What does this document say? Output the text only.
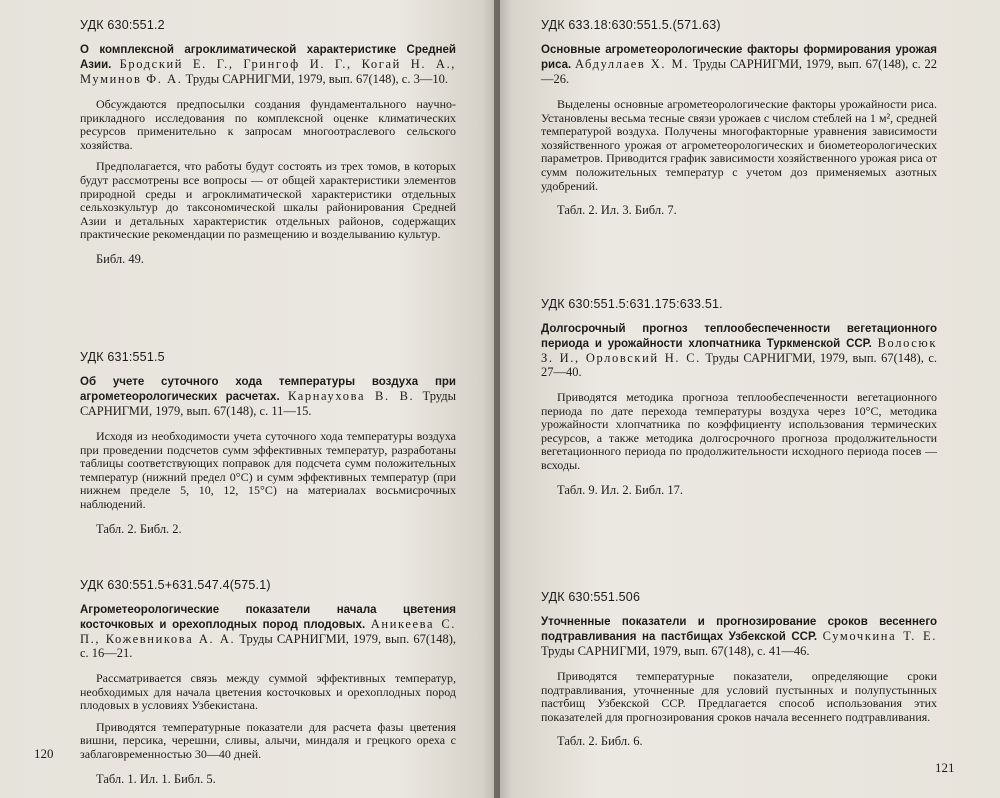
УДК 630:551.2

О комплексной агроклиматической характеристике Средней Азии. Бродский Е. Г., Грингоф И. Г., Когай Н. А., Муминов Ф. А. Труды САРНИГМИ, 1979, вып. 67(148), с. 3—10.

Обсуждаются предпосылки создания фундаментального научно-прикладного исследования по комплексной оценке климатических ресурсов применительно к запросам многоотраслевого сельского хозяйства.

Предполагается, что работы будут состоять из трех томов, в которых будут рассмотрены все вопросы — от общей характеристики элементов природной среды и агроклиматической характеристики отдельных сельхозкультур до таксономической шкалы районирования Средней Азии и детальных характеристик отдельных районов, содержащих практические рекомендации по размещению и возделыванию культур.

Библ. 49.
УДК 631:551.5

Об учете суточного хода температуры воздуха при агрометеорологических расчетах. Карнаухова В. В. Труды САРНИГМИ, 1979, вып. 67(148), с. 11—15.

Исходя из необходимости учета суточного хода температуры воздуха при проведении подсчетов сумм эффективных температур, разработаны таблицы соответствующих поправок для подсчета сумм положительных температур (нижний предел 0°С) и сумм эффективных температур (при нижнем пределе 5, 10, 12, 15°С) на материалах восьмисрочных наблюдений.

Табл. 2. Библ. 2.
УДК 630:551.5+631.547.4(575.1)

Агрометеорологические показатели начала цветения косточковых и орехоплодных пород плодовых. Аникеева С. П., Кожевникова А. А. Труды САРНИГМИ, 1979, вып. 67(148), с. 16—21.

Рассматривается связь между суммой эффективных температур, необходимых для начала цветения косточковых и орехоплодных пород плодовых в условиях Узбекистана.

Приводятся температурные показатели для расчета фазы цветения вишни, персика, черешни, сливы, алычи, миндаля и грецкого ореха с заблаговременностью 30—40 дней.

Табл. 1. Ил. 1. Библ. 5.
120
УДК 633.18:630:551.5.(571.63)

Основные агрометеорологические факторы формирования урожая риса. Абдуллаев Х. М. Труды САРНИГМИ, 1979, вып. 67(148), с. 22—26.

Выделены основные агрометеорологические факторы урожайности риса. Установлены весьма тесные связи урожаев с числом стеблей на 1 м², средней температурой воздуха. Получены многофакторные уравнения зависимости хозяйственного урожая от агрометеорологических и биометеорологических параметров. Приводится график зависимости хозяйственного урожая риса от сумм положительных температур с учетом доз применяемых азотных удобрений.

Табл. 2. Ил. 3. Библ. 7.
УДК 630:551.5:631.175:633.51.

Долгосрочный прогноз теплообеспеченности вегетационного периода и урожайности хлопчатника Туркменской ССР. Волосюк З. И., Орловский Н. С. Труды САРНИГМИ, 1979, вып. 67(148), с. 27—40.

Приводятся методика прогноза теплообеспеченности вегетационного периода по дате перехода температуры воздуха через 10°С, методика урожайности хлопчатника по коэффициенту использования термических ресурсов, а также методика долгосрочного прогноза продолжительности вегетационного периода по продолжительности исходного периода посев — всходы.

Табл. 9. Ил. 2. Библ. 17.
УДК 630:551.506

Уточненные показатели и прогнозирование сроков весеннего подтравливания на пастбищах Узбекской ССР. Сумочкина Т. Е. Труды САРНИГМИ, 1979, вып. 67(148), с. 41—46.

Приводятся температурные показатели, определяющие сроки подтравливания, уточненные для условий пустынных и полупустынных пастбищ Узбекской ССР. Предлагается способ использования этих показателей для прогнозирования сроков начала весеннего подтравливания.

Табл. 2. Библ. 6.
121
